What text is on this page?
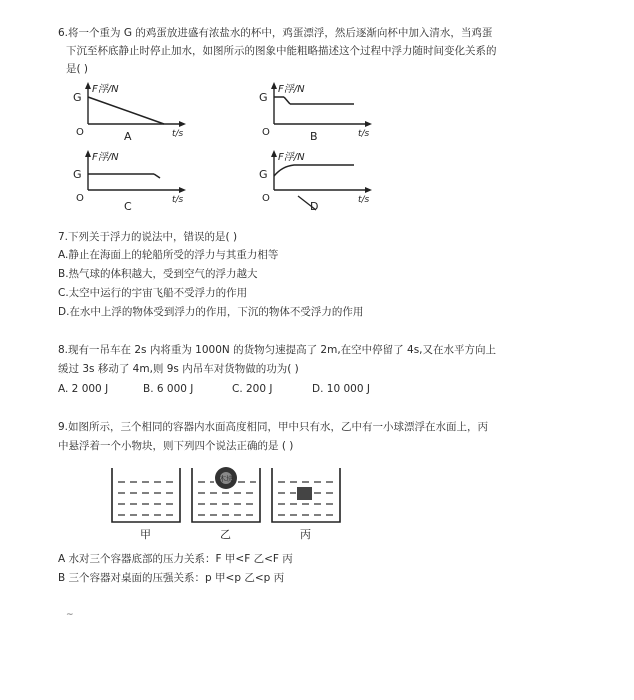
6.将一个重为 G 的鸡蛋放进盛有浓盐水的杯中，鸡蛋漂浮，然后逐渐向杯中加入清水，当鸡蛋
下沉至杯底静止时停止加水，如图所示的图象中能粗略描述这个过程中浮力随时间变化关系的
是( )
G
F浮/N
O	t/s
A
G
F浮/N
O	t/s
B
G
F浮/N
O	t/s
C
G
F浮/N
O	t/s
D
7.下列关于浮力的说法中，错误的是( )
A.静止在海面上的轮船所受的浮力与其重力相等
B.热气球的体积越大，受到空气的浮力越大
C.太空中运行的宇宙飞船不受浮力的作用
D.在水中上浮的物体受到浮力的作用，下沉的物体不受浮力的作用
8.现有一吊车在 2s 内将重为 1000N 的货物匀速提高了 2m,在空中停留了 4s,又在水平方向上
缓过 3s 移动了 4m,则 9s 内吊车对货物做的功为( )
A. 2 000 J	B. 6 000 J	C. 200 J	D. 10 000 J
9.如图所示，三个相同的容器内水面高度相同，甲中只有水，乙中有一小球漂浮在水面上，丙
中悬浮着一个小物块，则下列四个说法正确的是 ( )
甲
木块
乙	丙
A 水对三个容器底部的压力关系：F 甲<F 乙<F 丙
B 三个容器对桌面的压强关系：p 甲<p 乙<p 丙
~
